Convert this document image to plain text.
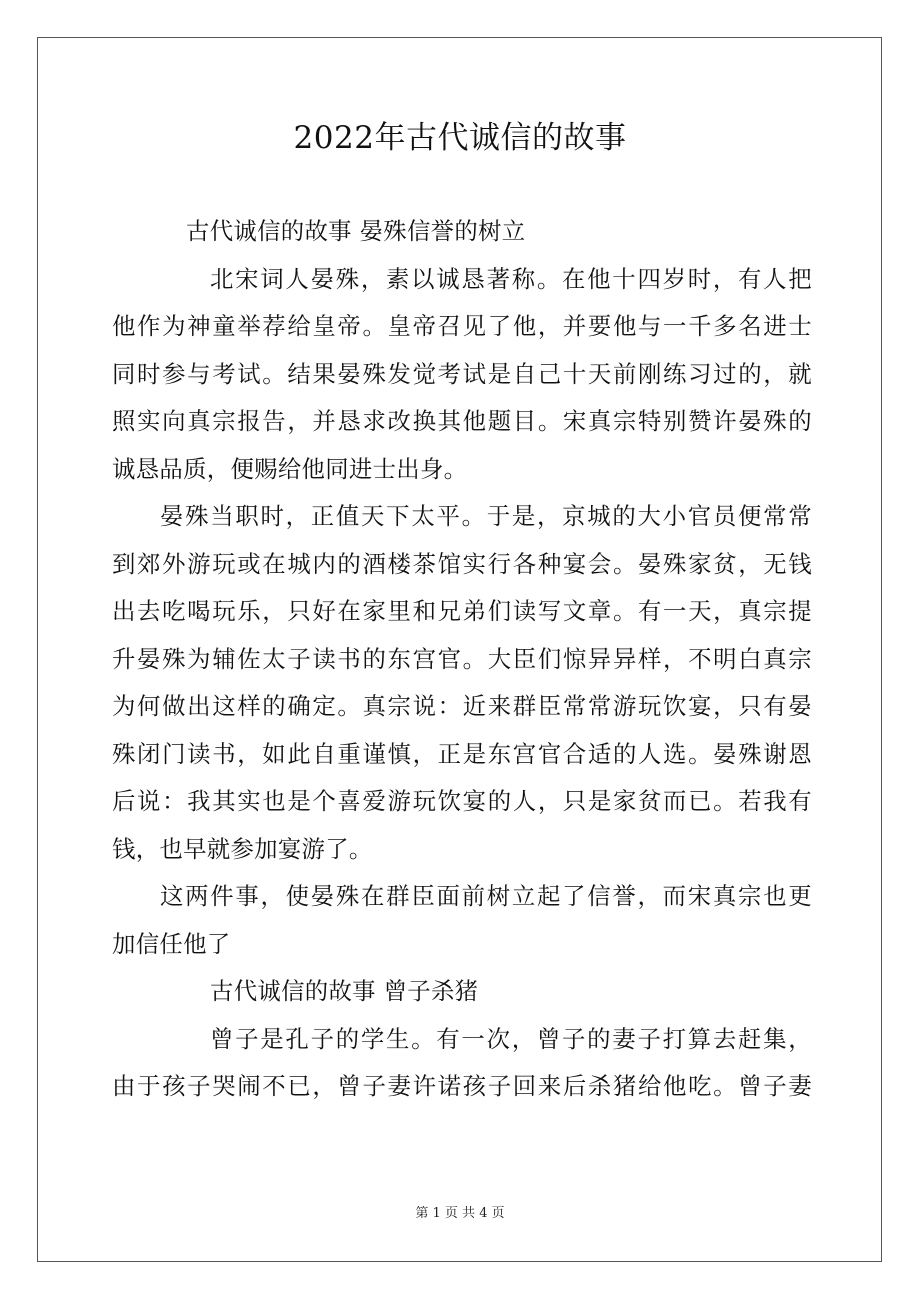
2022年古代诚信的故事
古代诚信的故事 晏殊信誉的树立
北宋词人晏殊，素以诚恳著称。在他十四岁时，有人把
他作为神童举荐给皇帝。皇帝召见了他，并要他与一千多名进士
同时参与考试。结果晏殊发觉考试是自己十天前刚练习过的，就
照实向真宗报告，并恳求改换其他题目。宋真宗特别赞许晏殊的
诚恳品质，便赐给他同进士出身。
晏殊当职时，正值天下太平。于是，京城的大小官员便常常
到郊外游玩或在城内的酒楼茶馆实行各种宴会。晏殊家贫，无钱
出去吃喝玩乐，只好在家里和兄弟们读写文章。有一天，真宗提
升晏殊为辅佐太子读书的东宫官。大臣们惊异异样，不明白真宗
为何做出这样的确定。真宗说：近来群臣常常游玩饮宴，只有晏
殊闭门读书，如此自重谨慎，正是东宫官合适的人选。晏殊谢恩
后说：我其实也是个喜爱游玩饮宴的人，只是家贫而已。若我有
钱，也早就参加宴游了。
这两件事，使晏殊在群臣面前树立起了信誉，而宋真宗也更
加信任他了
古代诚信的故事 曾子杀猪
曾子是孔子的学生。有一次，曾子的妻子打算去赶集，
由于孩子哭闹不已，曾子妻许诺孩子回来后杀猪给他吃。曾子妻
第 1 页 共 4 页
